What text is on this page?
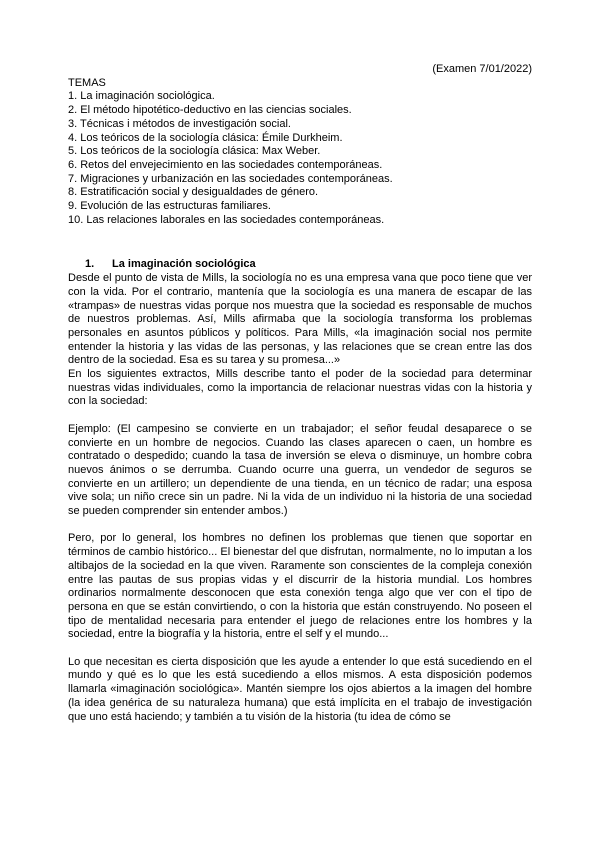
(Examen 7/01/2022)
TEMAS
1. La imaginación sociológica.
2. El método hipotético-deductivo en las ciencias sociales.
3. Técnicas i métodos de investigación social.
4. Los teóricos de la sociología clásica: Émile Durkheim.
5. Los teóricos de la sociología clásica: Max Weber.
6. Retos del envejecimiento en las sociedades contemporáneas.
7. Migraciones y urbanización en las sociedades contemporáneas.
8. Estratificación social y desigualdades de género.
9. Evolución de las estructuras familiares.
10. Las relaciones laborales en las sociedades contemporáneas.
1. La imaginación sociológica

Desde el punto de vista de Mills, la sociología no es una empresa vana que poco tiene que ver con la vida. Por el contrario, mantenía que la sociología es una manera de escapar de las «trampas» de nuestras vidas porque nos muestra que la sociedad es responsable de muchos de nuestros problemas. Así, Mills afirmaba que la sociología transforma los problemas personales en asuntos públicos y políticos. Para Mills, «la imaginación social nos permite entender la historia y las vidas de las personas, y las relaciones que se crean entre las dos dentro de la sociedad. Esa es su tarea y su promesa...»

En los siguientes extractos, Mills describe tanto el poder de la sociedad para determinar nuestras vidas individuales, como la importancia de relacionar nuestras vidas con la historia y con la sociedad:

Ejemplo: (El campesino se convierte en un trabajador; el señor feudal desaparece o se convierte en un hombre de negocios. Cuando las clases aparecen o caen, un hombre es contratado o despedido; cuando la tasa de inversión se eleva o disminuye, un hombre cobra nuevos ánimos o se derrumba. Cuando ocurre una guerra, un vendedor de seguros se convierte en un artillero; un dependiente de una tienda, en un técnico de radar; una esposa vive sola; un niño crece sin un padre. Ni la vida de un individuo ni la historia de una sociedad se pueden comprender sin entender ambos.)

Pero, por lo general, los hombres no definen los problemas que tienen que soportar en términos de cambio histórico... El bienestar del que disfrutan, normalmente, no lo imputan a los altibajos de la sociedad en la que viven. Raramente son conscientes de la compleja conexión entre las pautas de sus propias vidas y el discurrir de la historia mundial. Los hombres ordinarios normalmente desconocen que esta conexión tenga algo que ver con el tipo de persona en que se están convirtiendo, o con la historia que están construyendo. No poseen el tipo de mentalidad necesaria para entender el juego de relaciones entre los hombres y la sociedad, entre la biografía y la historia, entre el self y el mundo...

Lo que necesitan es cierta disposición que les ayude a entender lo que está sucediendo en el mundo y qué es lo que les está sucediendo a ellos mismos. A esta disposición podemos llamarla «imaginación sociológica». Mantén siempre los ojos abiertos a la imagen del hombre (la idea genérica de su naturaleza humana) que está implícita en el trabajo de investigación que uno está haciendo; y también a tu visión de la historia (tu idea de cómo se
